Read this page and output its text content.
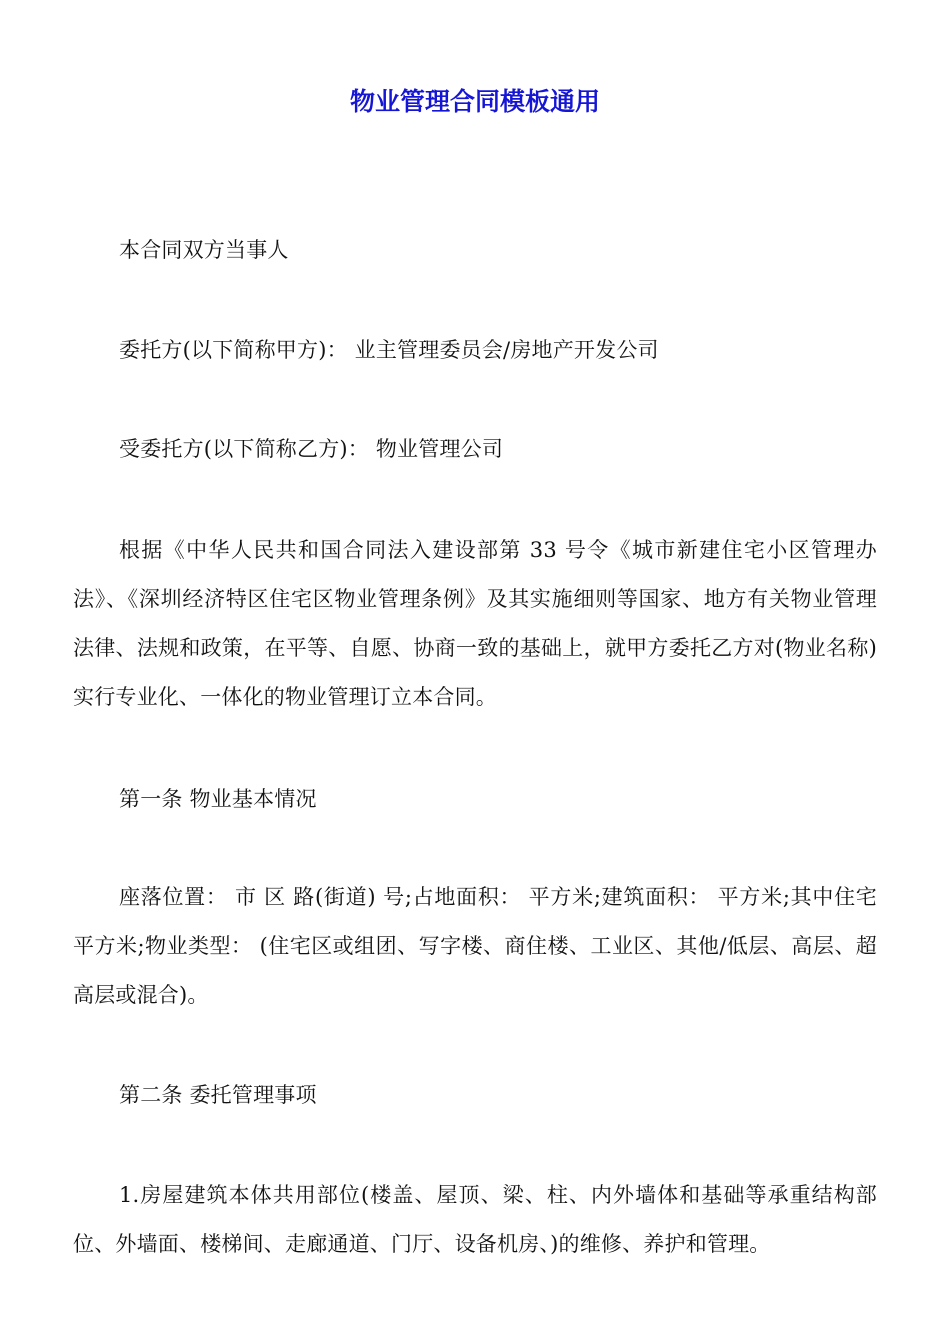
物业管理合同模板通用

本合同双方当事人

委托方(以下简称甲方)： 业主管理委员会/房地产开发公司

受委托方(以下简称乙方)： 物业管理公司

根据《中华人民共和国合同法入建设部第 33 号令《城市新建住宅小区管理办法》、《深圳经济特区住宅区物业管理条例》及其实施细则等国家、地方有关物业管理法律、法规和政策，在平等、自愿、协商一致的基础上，就甲方委托乙方对(物业名称)实行专业化、一体化的物业管理订立本合同。

第一条 物业基本情况

座落位置： 市 区 路(街道) 号;占地面积： 平方米;建筑面积： 平方米;其中住宅 平方米;物业类型： (住宅区或组团、写字楼、商住楼、工业区、其他/低层、高层、超高层或混合)。

第二条 委托管理事项

1.房屋建筑本体共用部位(楼盖、屋顶、梁、柱、内外墙体和基础等承重结构部位、外墙面、楼梯间、走廊通道、门厅、设备机房、)的维修、养护和管理。
